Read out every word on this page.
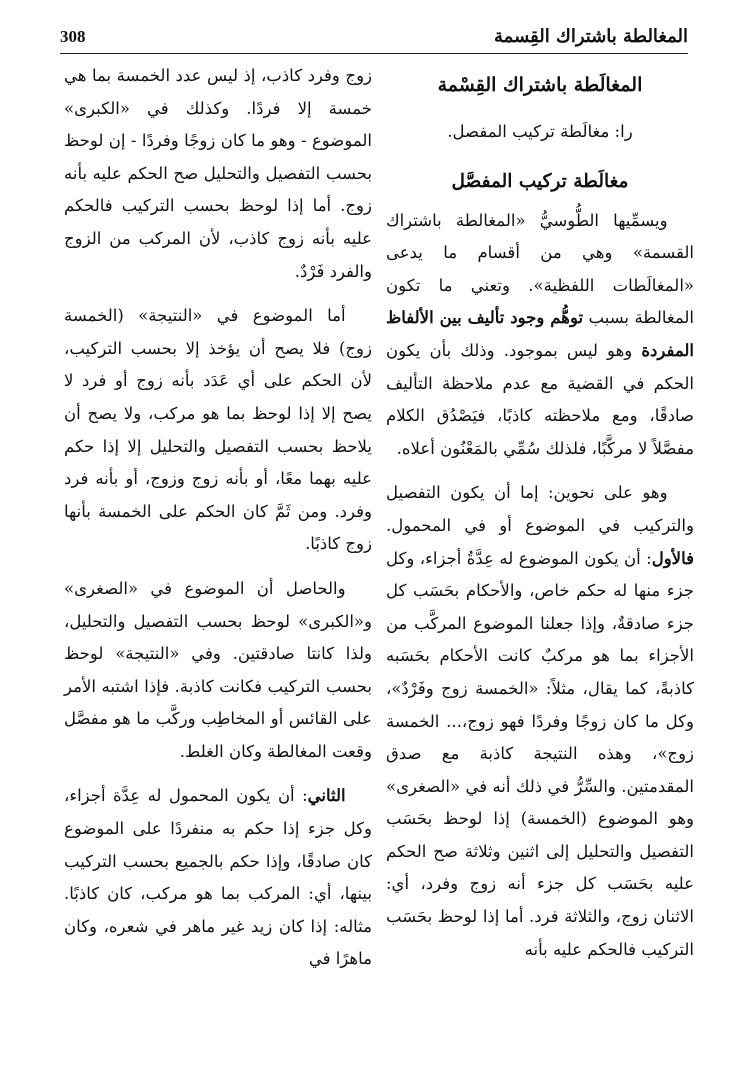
المغالطة باشتراك القِسمة
308
المغالَطة باشتراك القِسْمة

را: مغالَطة تركيب المفصل.

مغالَطة تركيب المفصَّل

ويسمِّيها الطُّوسيُّ «المغالطة باشتراك القسمة» وهي من أقسام ما يدعى «المغالَطات اللفظية». وتعني ما تكون المغالطة بسبب توهُّم وجود تأليف بين الألفاظ المفردة وهو ليس بموجود. وذلك بأن يكون الحكم في القضية مع عدم ملاحظة التأليف صادقًا، ومع ملاحظته كاذبًا، فيَصْدُق الكلام مفصَّلاً لا مركَّبًا، فلذلك سُمِّي بالمَعْنُون أعلاه.

وهو على نحوين: إما أن يكون التفصيل والتركيب في الموضوع أو في المحمول. فالأول: أن يكون الموضوع له عِدَّةُ أجزاء، وكل جزء منها له حكم خاص، والأحكام بحَسَب كل جزء صادقةٌ، وإذا جعلنا الموضوع المركَّب من الأجزاء بما هو مركبٌ كانت الأحكام بحَسَبه كاذبةً، كما يقال، مثلاً: «الخمسة زوج وفَرْدٌ»، وكل ما كان زوجًا وفردًا فهو زوج،... الخمسة زوج»، وهذه النتيجة كاذبة مع صدق المقدمتين. والسِّرُّ في ذلك أنه في «الصغرى» وهو الموضوع (الخمسة) إذا لوحظ بحَسَب التفصيل والتحليل إلى اثنين وثلاثة صح الحكم عليه بحَسَب كل جزء أنه زوج وفرد، أي: الاثنان زوج، والثلاثة فرد. أما إذا لوحظ بحَسَب التركيب فالحكم عليه بأنه

زوج وفرد كاذب، إذ ليس عدد الخمسة بما هي خمسة إلا فردًا. وكذلك في «الكبرى» الموضوع - وهو ما كان زوجًا وفردًا - إن لوحظ بحسب التفصيل والتحليل صح الحكم عليه بأنه زوج. أما إذا لوحظ بحسب التركيب فالحكم عليه بأنه زوج كاذب، لأن المركب من الزوج والفرد فَرْدٌ.

أما الموضوع في «النتيجة» (الخمسة زوج) فلا يصح أن يؤخذ إلا بحسب التركيب، لأن الحكم على أي عَدَد بأنه زوج أو فرد لا يصح إلا إذا لوحظ بما هو مركب، ولا يصح أن يلاحظ بحسب التفصيل والتحليل إلا إذا حكم عليه بهما معًا، أو بأنه زوج وزوج، أو بأنه فرد وفرد. ومن ثَمَّ كان الحكم على الخمسة بأنها زوج كاذبًا.

والحاصل أن الموضوع في «الصغرى» و«الكبرى» لوحظ بحسب التفصيل والتحليل، ولذا كانتا صادقتين. وفي «النتيجة» لوحظ بحسب التركيب فكانت كاذبة. فإذا اشتبه الأمر على القائس أو المخاطِب وركَّب ما هو مفصَّل وقعت المغالطة وكان الغلط.

الثاني: أن يكون المحمول له عِدَّة أجزاء، وكل جزء إذا حكم به منفردًا على الموضوع كان صادقًا، وإذا حكم بالجميع بحسب التركيب بينها، أي: المركب بما هو مركب، كان كاذبًا. مثاله: إذا كان زيد غير ماهر في شعره، وكان ماهرًا في
